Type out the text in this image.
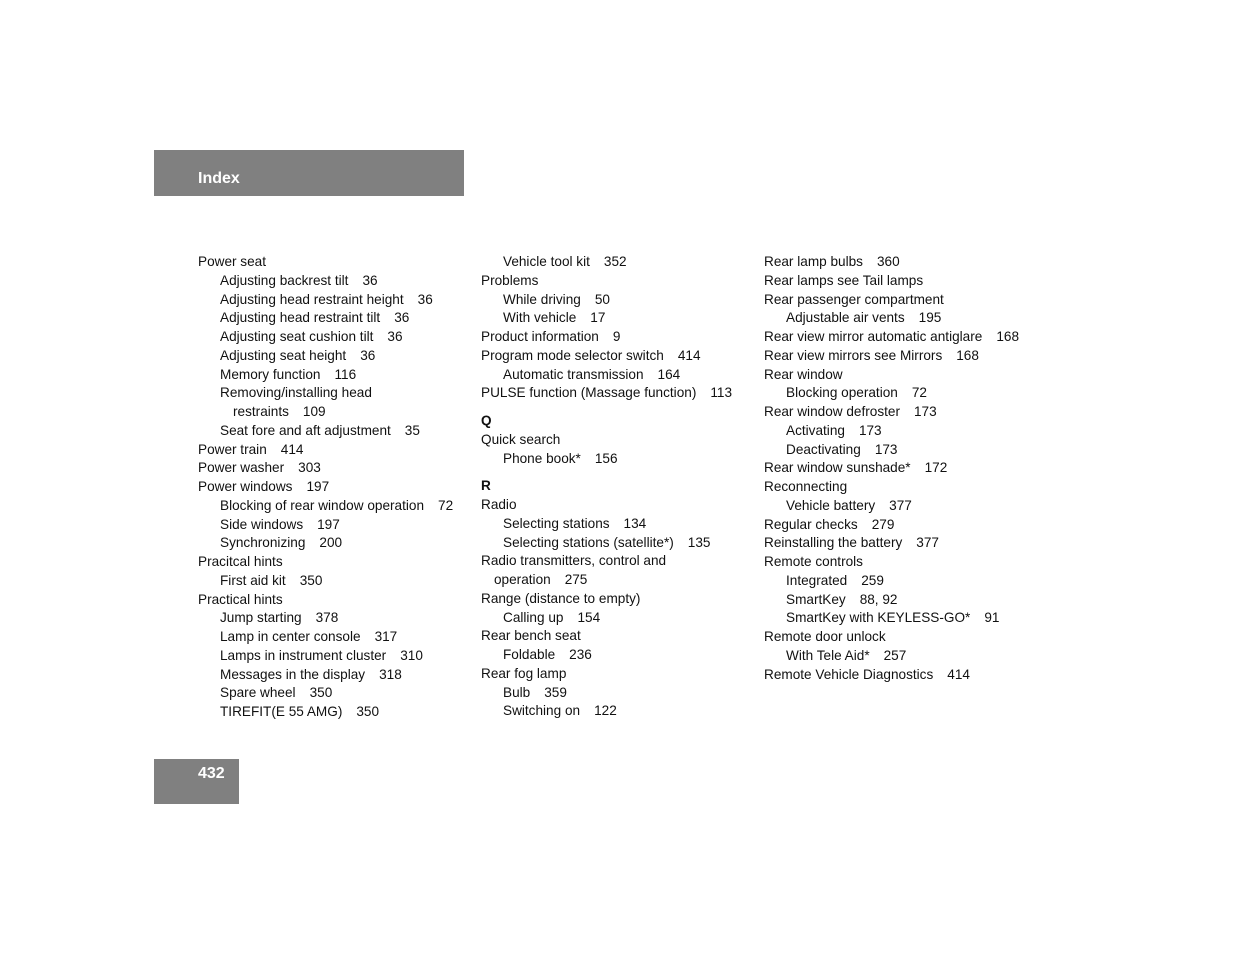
Index
Power seat
Adjusting backrest tilt 36
Adjusting head restraint height 36
Adjusting head restraint tilt 36
Adjusting seat cushion tilt 36
Adjusting seat height 36
Memory function 116
Removing/installing head
restraints 109
Seat fore and aft adjustment 35
Power train 414
Power washer 303
Power windows 197
Blocking of rear window operation 72
Side windows 197
Synchronizing 200
Pracitcal hints
First aid kit 350
Practical hints
Jump starting 378
Lamp in center console 317
Lamps in instrument cluster 310
Messages in the display 318
Spare wheel 350
TIREFIT(E 55 AMG) 350
Vehicle tool kit 352
Problems
While driving 50
With vehicle 17
Product information 9
Program mode selector switch 414
Automatic transmission 164
PULSE function (Massage function) 113
Q
Quick search
Phone book* 156
R
Radio
Selecting stations 134
Selecting stations (satellite*) 135
Radio transmitters, control and
operation 275
Range (distance to empty)
Calling up 154
Rear bench seat
Foldable 236
Rear fog lamp
Bulb 359
Switching on 122
Rear lamp bulbs 360
Rear lamps see Tail lamps
Rear passenger compartment
Adjustable air vents 195
Rear view mirror automatic antiglare 168
Rear view mirrors see Mirrors 168
Rear window
Blocking operation 72
Rear window defroster 173
Activating 173
Deactivating 173
Rear window sunshade* 172
Reconnecting
Vehicle battery 377
Regular checks 279
Reinstalling the battery 377
Remote controls
Integrated 259
SmartKey 88, 92
SmartKey with KEYLESS-GO* 91
Remote door unlock
With Tele Aid* 257
Remote Vehicle Diagnostics 414
432
